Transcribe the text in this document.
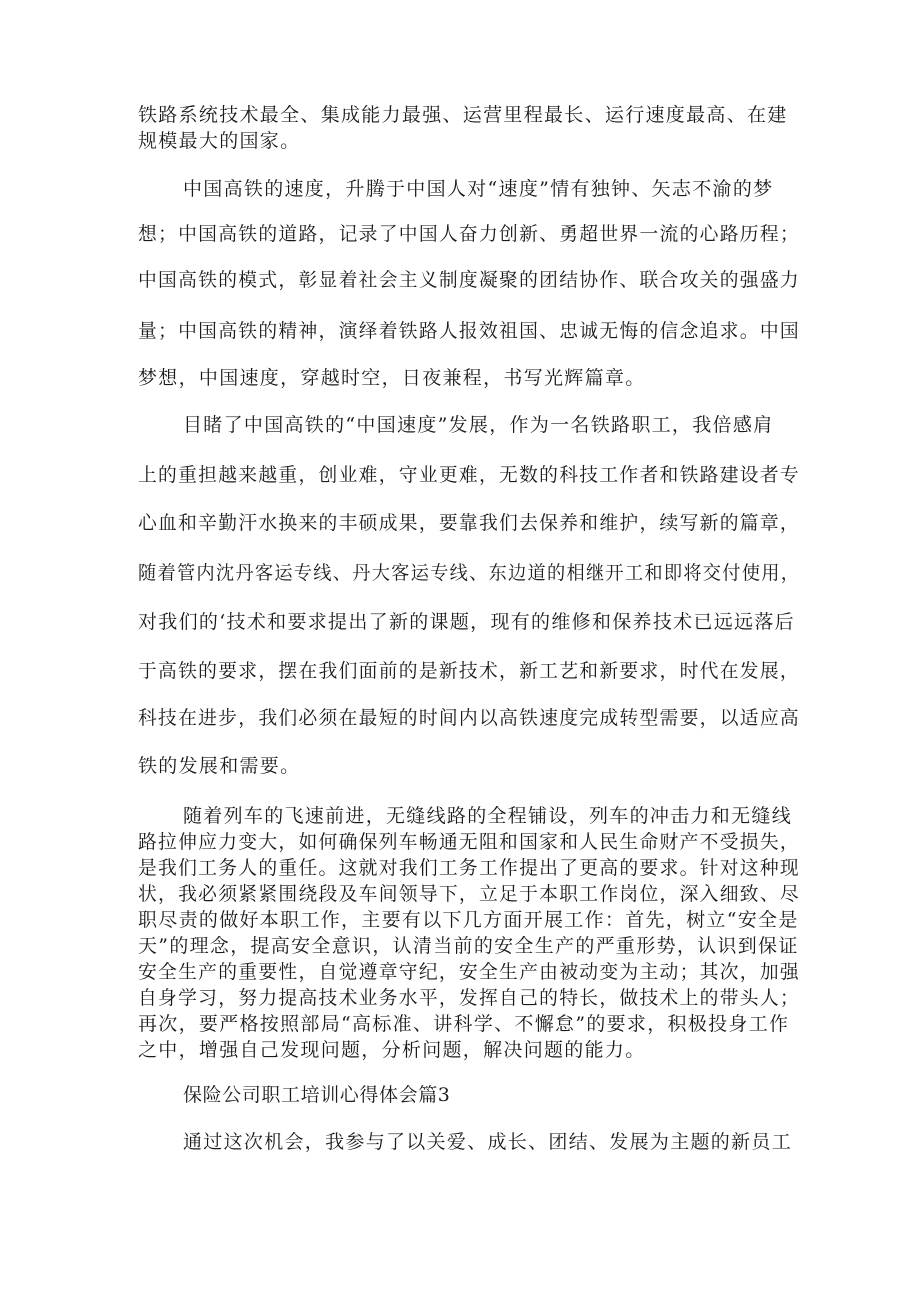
铁路系统技术最全、集成能力最强、运营里程最长、运行速度最高、在建
规模最大的国家。
中国高铁的速度，升腾于中国人对“速度”情有独钟、矢志不渝的梦
想；中国高铁的道路，记录了中国人奋力创新、勇超世界一流的心路历程；
中国高铁的模式，彰显着社会主义制度凝聚的团结协作、联合攻关的强盛力
量；中国高铁的精神，演绎着铁路人报效祖国、忠诚无悔的信念追求。中国
梦想，中国速度，穿越时空，日夜兼程，书写光辉篇章。
目睹了中国高铁的“中国速度”发展，作为一名铁路职工，我倍感肩
上的重担越来越重，创业难，守业更难，无数的科技工作者和铁路建设者专
心血和辛勤汗水换来的丰硕成果，要靠我们去保养和维护，续写新的篇章，
随着管内沈丹客运专线、丹大客运专线、东边道的相继开工和即将交付使用，
对我们的‘技术和要求提出了新的课题，现有的维修和保养技术已远远落后
于高铁的要求，摆在我们面前的是新技术，新工艺和新要求，时代在发展，
科技在进步，我们必须在最短的时间内以高铁速度完成转型需要，以适应高
铁的发展和需要。
随着列车的飞速前进，无缝线路的全程铺设，列车的冲击力和无缝线
路拉伸应力变大，如何确保列车畅通无阻和国家和人民生命财产不受损失，
是我们工务人的重任。这就对我们工务工作提出了更高的要求。针对这种现
状，我必须紧紧围绕段及车间领导下，立足于本职工作岗位，深入细致、尽
职尽责的做好本职工作，主要有以下几方面开展工作：首先，树立“安全是
天”的理念，提高安全意识，认清当前的安全生产的严重形势，认识到保证
安全生产的重要性，自觉遵章守纪，安全生产由被动变为主动；其次，加强
自身学习，努力提高技术业务水平，发挥自己的特长，做技术上的带头人；
再次，要严格按照部局“高标准、讲科学、不懈怠”的要求，积极投身工作
之中，增强自己发现问题，分析问题，解决问题的能力。
保险公司职工培训心得体会篇3
通过这次机会，我参与了以关爱、成长、团结、发展为主题的新员工
